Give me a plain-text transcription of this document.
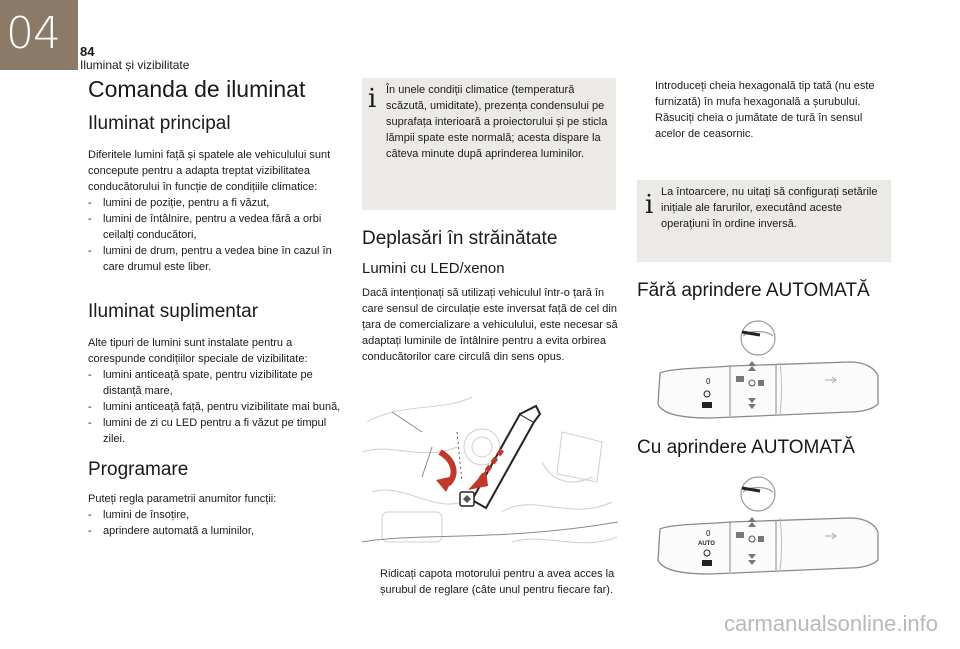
04 84
Iluminat și vizibilitate
Comanda de iluminat
Iluminat principal

Diferitele lumini față și spatele ale vehiculului sunt concepute pentru a adapta treptat vizibilitatea conducătorului în funcție de condițiile climatice:

- lumini de poziție, pentru a fi văzut,
- lumini de întâlnire, pentru a vedea fără a orbi ceilalți conducători,
- lumini de drum, pentru a vedea bine în cazul în care drumul este liber.
Iluminat suplimentar

Alte tipuri de lumini sunt instalate pentru a corespunde condițiilor speciale de vizibilitate:

- lumini anticeață spate, pentru vizibilitate pe distanță mare,
- lumini anticeață față, pentru vizibilitate mai bună,
- lumini de zi cu LED pentru a fi văzut pe timpul zilei.
Programare

Puteți regla parametrii anumitor funcții:

- lumini de însoțire,
- aprindere automată a luminilor,
i În unele condiții climatice (temperatură scăzută, umiditate), prezența condensului pe suprafața interioară a proiectorului și pe sticla lămpii spate este normală; acesta dispare la câteva minute după aprinderea luminilor.

Deplasări în străinătate
Lumini cu LED/xenon

Dacă intenționați să utilizați vehiculul într-o țară în care sensul de circulație este inversat față de cel din țara de comercializare a vehiculului, este necesar să adaptați luminile de întâlnire pentru a evita orbirea conducătorilor care circulă din sens opus.

Ridicați capota motorului pentru a avea acces la șurubul de reglare (câte unul pentru fiecare far).
Introduceți cheia hexagonală tip tată (nu este furnizată) în mufa hexagonală a șurubului.
Răsuciți cheia o jumătate de tură în sensul acelor de ceasornic.
i La întoarcere, nu uitați să configurați setările inițiale ale farurilor, executând aceste operațiuni în ordine inversă.

Fără aprindere AUTOMATĂ
0
Cu aprindere AUTOMATĂ
0
AUTO
carmanualsonline.info
